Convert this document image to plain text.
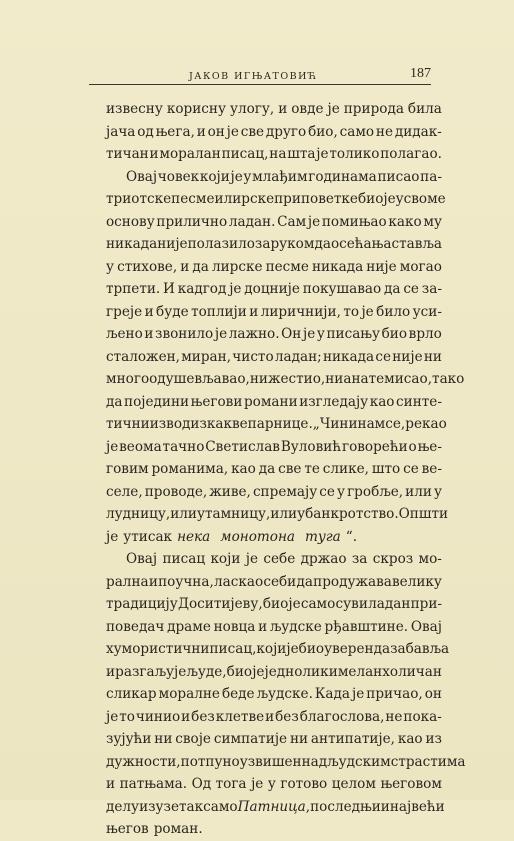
ЈАКОВ ИГЊАТОВИЋ	187
извесну корисну улогу, и овде је природа била
јача од њега, и он је све друго био, само не дидак-
тичан и моралан писац, на шта је толико полагао.
Овај човек који је у млађим годинама писао па-
триотске песме и лирске приповетке био је у своме
основу прилично ладан. Сам је помињао како му
никада није полазило за руком да осећања ставља
у стихове, и да лирске песме никада није могао
трпети. И кадгод је доцније покушавао да се за-
греје и буде топлији и лиричнији, то је било уси-
љено и звонило је лажно. Он је у писању био врло
сталожен, миран, чисто ладан; никада се није ни
много одушевљавао, ни жестио, ни анатемисао, тако
да поједини његови романи изгледају као синте-
тични извод из какве парнице. „Чини нам се, рекао
је веома тачно Светислав Вуловић говорећи о ње-
говим романима, као да све те слике, што се ве-
селе, проводе, живе, спремају се у гробље, или у
лудницу, или у тамницу, или у банкротство. Општи
је утисак нека монотона туга “.
Овај писац који је себе држао за скроз мо-
рална и поучна, ласкао себи да продужава велику
традицију Доситијеву, био је само сув и ладан при-
поведач драме новца и људске рђавштине. Овај
хумористични писац, који је био уверен да забавља
и разгаљује људе, био је једнолик и меланхоличан
сликар моралне беде људске. Када је причао, он
је то чинио и без клетве и без благослова, не пока-
зујући ни своје симпатије ни антипатије, као из
дужности, потпуно узвишен над људским страстима
и патњама. Од тога је у готово целом његовом
делу изузетак само Патница, последњи и највећи
његов роман.
